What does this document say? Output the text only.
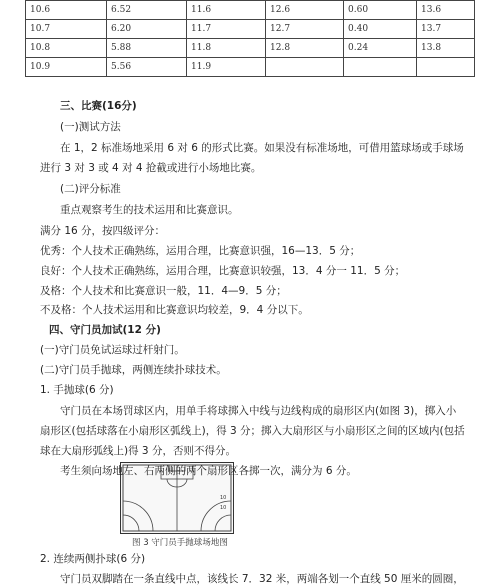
10.6	6.52	11.6	12.6	0.60	13.6
10.7	6.20	11.7	12.7	0.40	13.7
10.8	5.88	11.8	12.8	0.24	13.8
10.9	5.56	11.9			
三、比赛(16分)
(一)测试方法
在 1，2 标准场地采用 6 对 6 的形式比赛。如果没有标准场地，可借用篮球场或手球场
进行 3 对 3 或 4 对 4 抢截或进行小场地比赛。
(二)评分标准
重点观察考生的技术运用和比赛意识。
满分 16 分，按四级评分：
优秀：个人技术正确熟练，运用合理，比赛意识强，16—13．5 分；
良好：个人技术正确熟练，运用合理，比赛意识较强，13．4 分一 11．5 分；
及格：个人技术和比赛意识一般，11．4—9．5 分；
不及格：个人技术运用和比赛意识均较差，9．4 分以下。
四、守门员加试(12 分)
(一)守门员免试运球过杆射门。
(二)守门员手抛球，两侧连续扑球技术。
1. 手抛球(6 分)
守门员在本场罚球区内，用单手将球掷入中线与边线构成的扇形区内(如图 3)，掷入小
扇形区(包括球落在小扇形区弧线上)，得 3 分；掷入大扇形区与小扇形区之间的区域内(包括
球在大扇形弧线上)得 3 分，否则不得分。
10
10
图 3 守门员手抛球场地图
2. 连续两侧扑球(6 分)
守门员双脚踏在一条直线中点，该线长 7．32 米，两端各划一个直线 50 厘米的圆圈，
考生须向场地左、右两侧的两个扇形区各掷一次，满分为 6 分。
